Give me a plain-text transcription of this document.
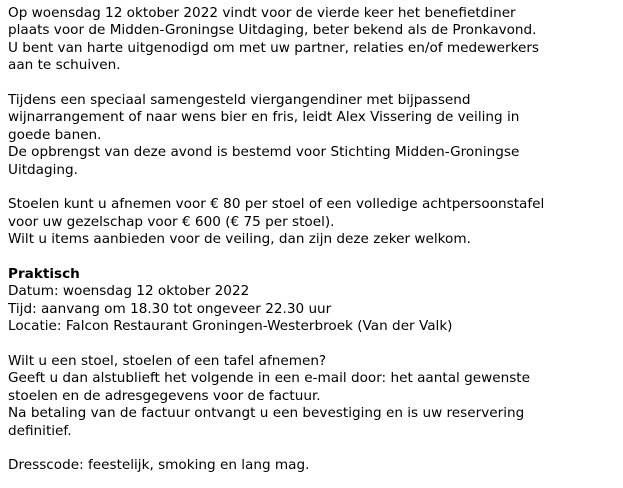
Op woensdag 12 oktober 2022 vindt voor de vierde keer het benefietdiner
plaats voor de Midden-Groningse Uitdaging, beter bekend als de Pronkavond.
U bent van harte uitgenodigd om met uw partner, relaties en/of medewerkers
aan te schuiven.

Tijdens een speciaal samengesteld viergangendiner met bijpassend
wijnarrangement of naar wens bier en fris, leidt Alex Vissering de veiling in
goede banen.
De opbrengst van deze avond is bestemd voor Stichting Midden-Groningse
Uitdaging.

Stoelen kunt u afnemen voor € 80 per stoel of een volledige achtpersoonstafel
voor uw gezelschap voor € 600 (€ 75 per stoel).
Wilt u items aanbieden voor de veiling, dan zijn deze zeker welkom.

Praktisch
Datum: woensdag 12 oktober 2022
Tijd: aanvang om 18.30 tot ongeveer 22.30 uur
Locatie: Falcon Restaurant Groningen-Westerbroek (Van der Valk)

Wilt u een stoel, stoelen of een tafel afnemen?
Geeft u dan alstublieft het volgende in een e-mail door: het aantal gewenste
stoelen en de adresgegevens voor de factuur.
Na betaling van de factuur ontvangt u een bevestiging en is uw reservering
definitief.

Dresscode: feestelijk, smoking en lang mag.
